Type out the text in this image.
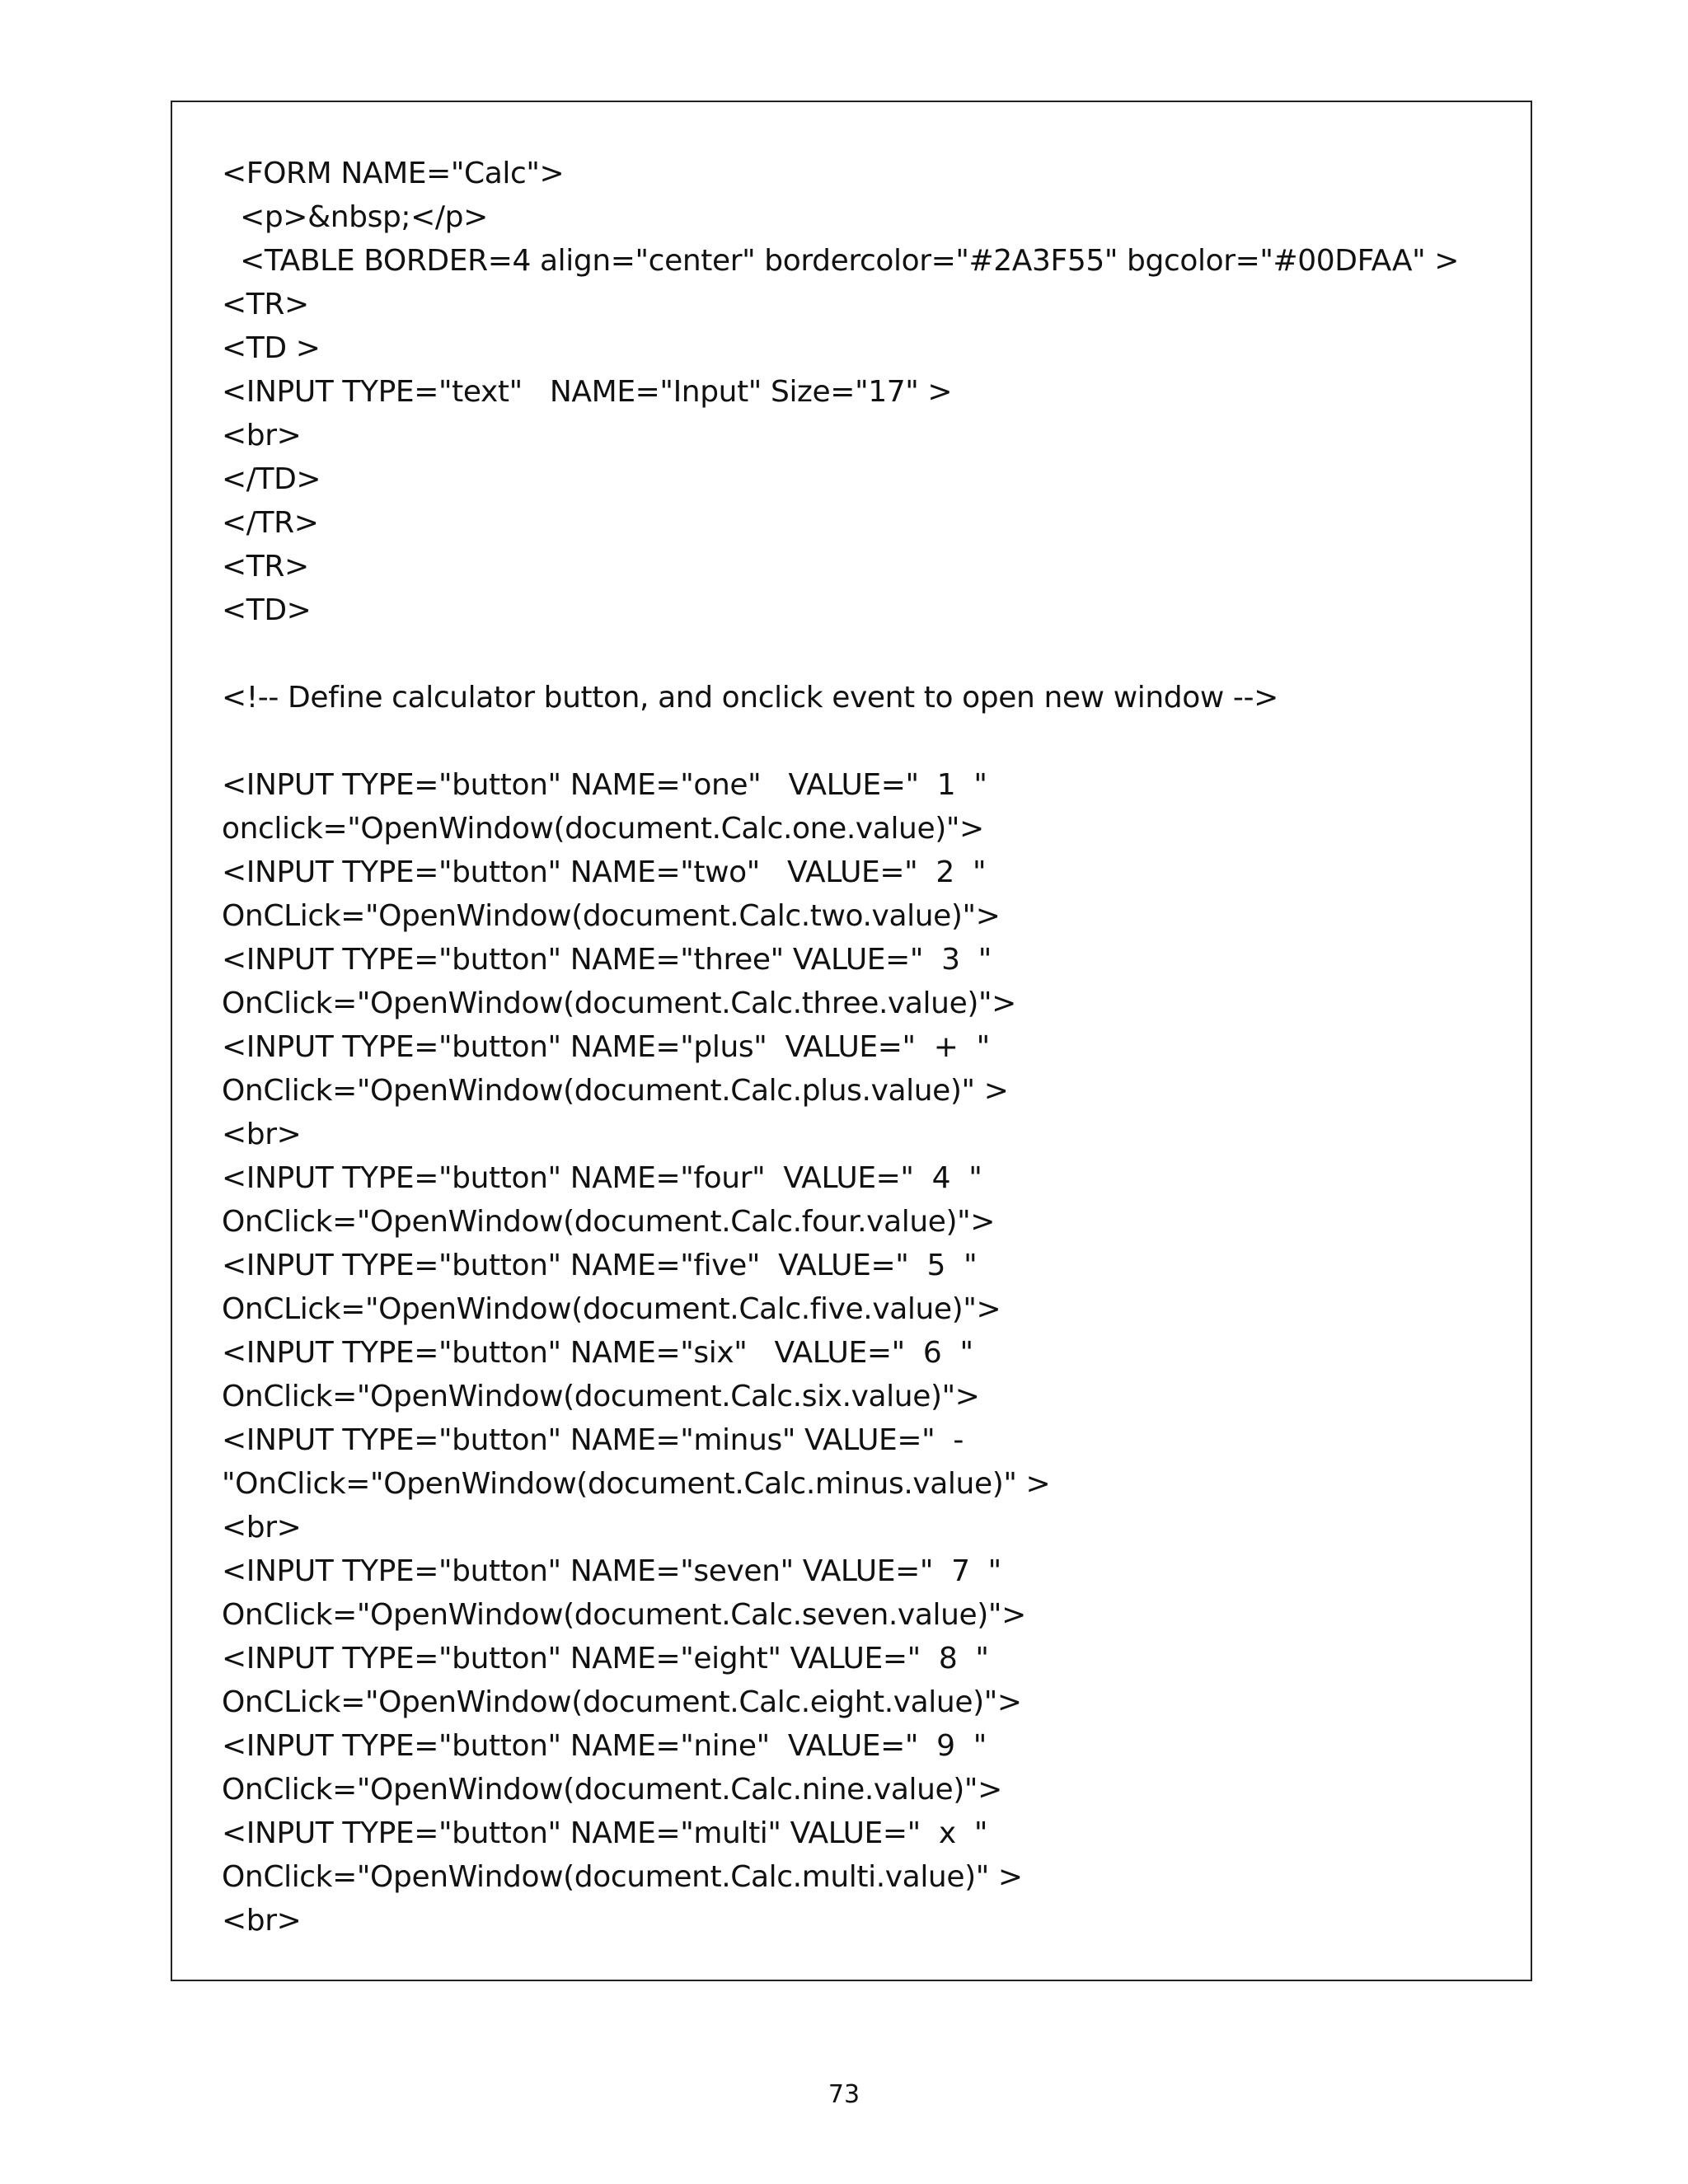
<FORM NAME="Calc">
<p>&nbsp;</p>
<TABLE BORDER=4 align="center" bordercolor="#2A3F55" bgcolor="#00DFAA" >
<TR>
<TD >
<INPUT TYPE="text"   NAME="Input" Size="17" >
<br>
</TD>
</TR>
<TR>
<TD>
<!-- Define calculator button, and onclick event to open new window -->
<INPUT TYPE="button" NAME="one"   VALUE="  1  "
onclick="OpenWindow(document.Calc.one.value)">
<INPUT TYPE="button" NAME="two"   VALUE="  2  "
OnCLick="OpenWindow(document.Calc.two.value)">
<INPUT TYPE="button" NAME="three" VALUE="  3  "
OnClick="OpenWindow(document.Calc.three.value)">
<INPUT TYPE="button" NAME="plus"  VALUE="  +  "
OnClick="OpenWindow(document.Calc.plus.value)" >
<br>
<INPUT TYPE="button" NAME="four"  VALUE="  4  "
OnClick="OpenWindow(document.Calc.four.value)">
<INPUT TYPE="button" NAME="five"  VALUE="  5  "
OnCLick="OpenWindow(document.Calc.five.value)">
<INPUT TYPE="button" NAME="six"   VALUE="  6  "
OnClick="OpenWindow(document.Calc.six.value)">
<INPUT TYPE="button" NAME="minus" VALUE="  -
"OnClick="OpenWindow(document.Calc.minus.value)" >
<br>
<INPUT TYPE="button" NAME="seven" VALUE="  7  "
OnClick="OpenWindow(document.Calc.seven.value)">
<INPUT TYPE="button" NAME="eight" VALUE="  8  "
OnCLick="OpenWindow(document.Calc.eight.value)">
<INPUT TYPE="button" NAME="nine"  VALUE="  9  "
OnClick="OpenWindow(document.Calc.nine.value)">
<INPUT TYPE="button" NAME="multi" VALUE="  x  "
OnClick="OpenWindow(document.Calc.multi.value)" >
<br>
73
